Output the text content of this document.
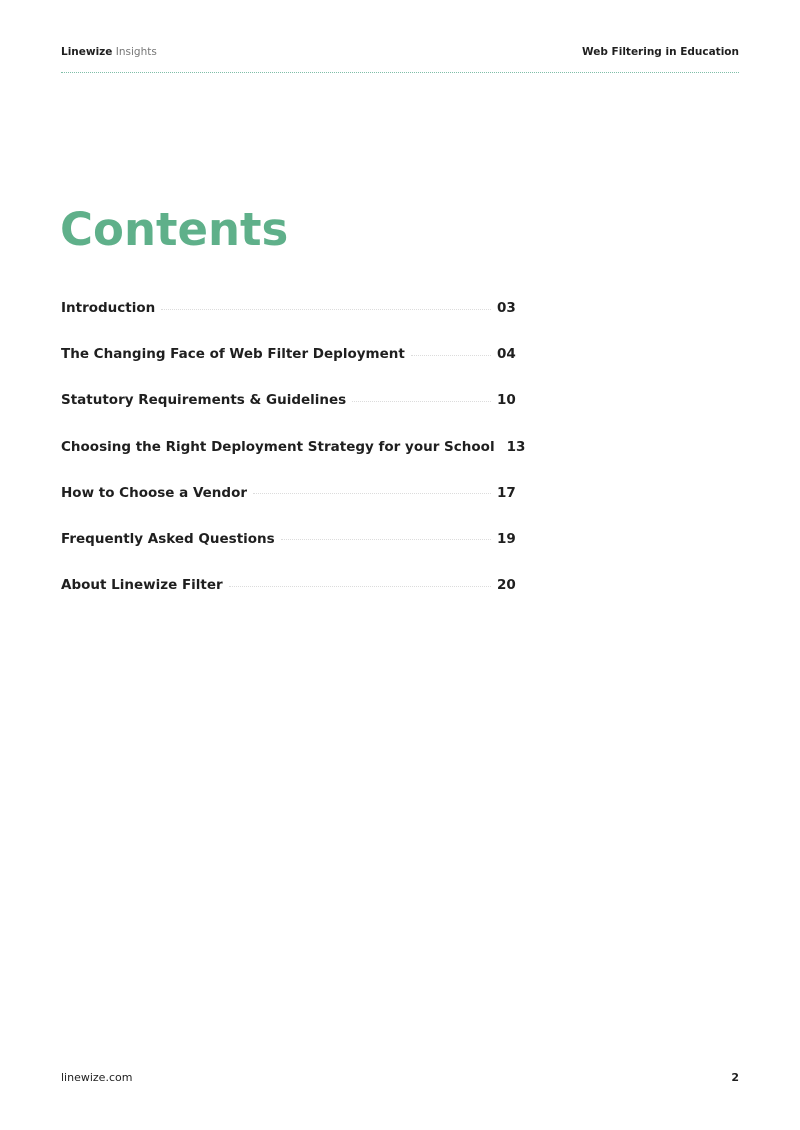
Linewize Insights	Web Filtering in Education
Contents
Introduction	03
The Changing Face of Web Filter Deployment	04
Statutory Requirements & Guidelines	10
Choosing the Right Deployment Strategy for your School 13
How to Choose a Vendor	17
Frequently Asked Questions	19
About Linewize Filter	20
linewize.com	2
